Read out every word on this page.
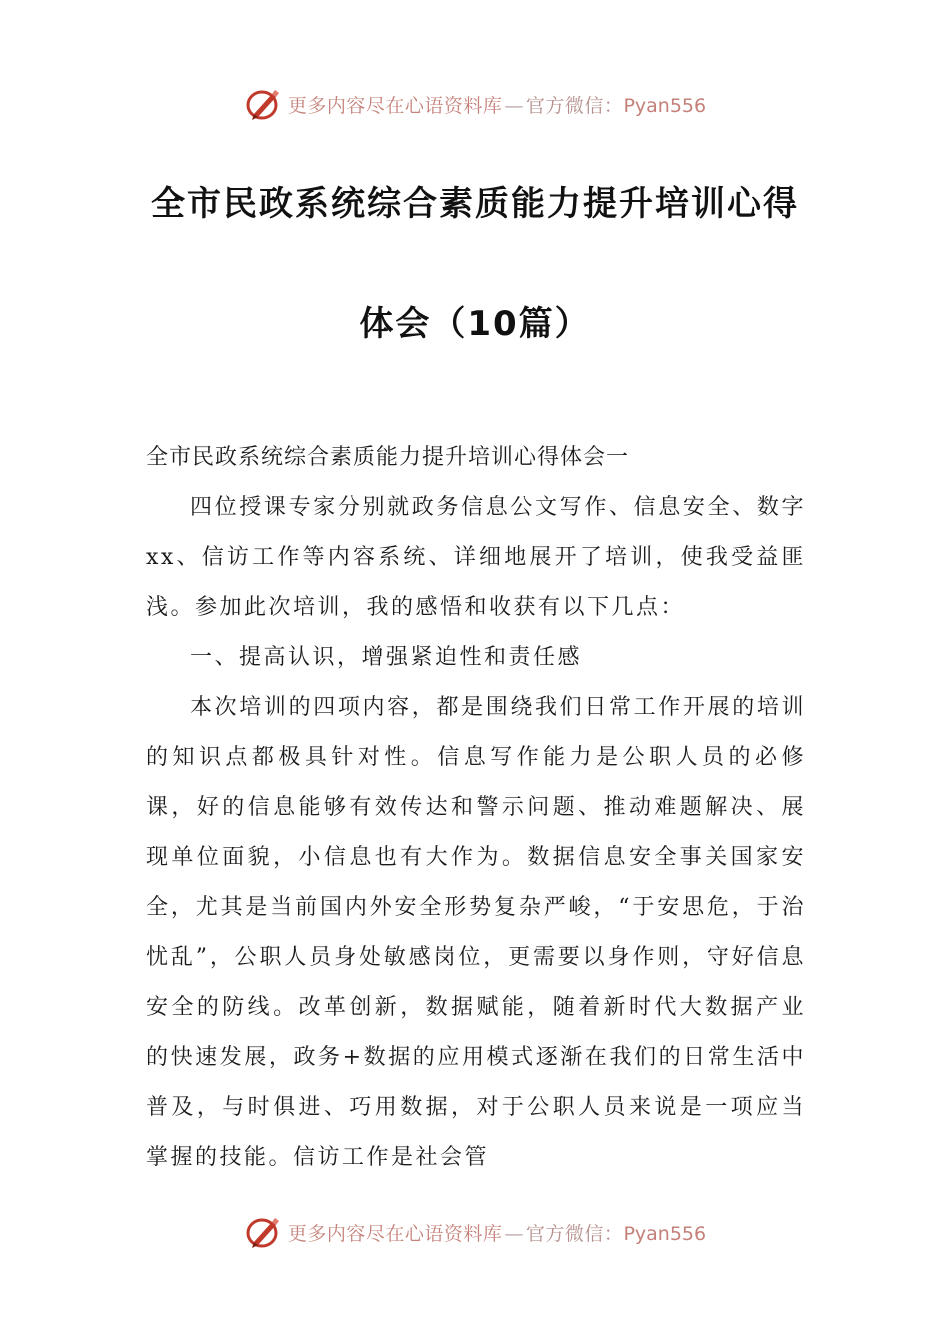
更多内容尽在心语资料库 — 官方微信：Pyan556
全市民政系统综合素质能力提升培训心得
体会（10篇）

全市民政系统综合素质能力提升培训心得体会一

四位授课专家分别就政务信息公文写作、信息安全、数字xx、信访工作等内容系统、详细地展开了培训，使我受益匪浅。参加此次培训，我的感悟和收获有以下几点：

一、提高认识，增强紧迫性和责任感

本次培训的四项内容，都是围绕我们日常工作开展的培训的知识点都极具针对性。信息写作能力是公职人员的必修课，好的信息能够有效传达和警示问题、推动难题解决、展现单位面貌，小信息也有大作为。数据信息安全事关国家安全，尤其是当前国内外安全形势复杂严峻，“于安思危，于治忧乱”，公职人员身处敏感岗位，更需要以身作则，守好信息安全的防线。改革创新，数据赋能，随着新时代大数据产业的快速发展，政务+数据的应用模式逐渐在我们的日常生活中普及，与时俱进、巧用数据，对于公职人员来说是一项应当掌握的技能。信访工作是社会管

更多内容尽在心语资料库 — 官方微信：Pyan556
